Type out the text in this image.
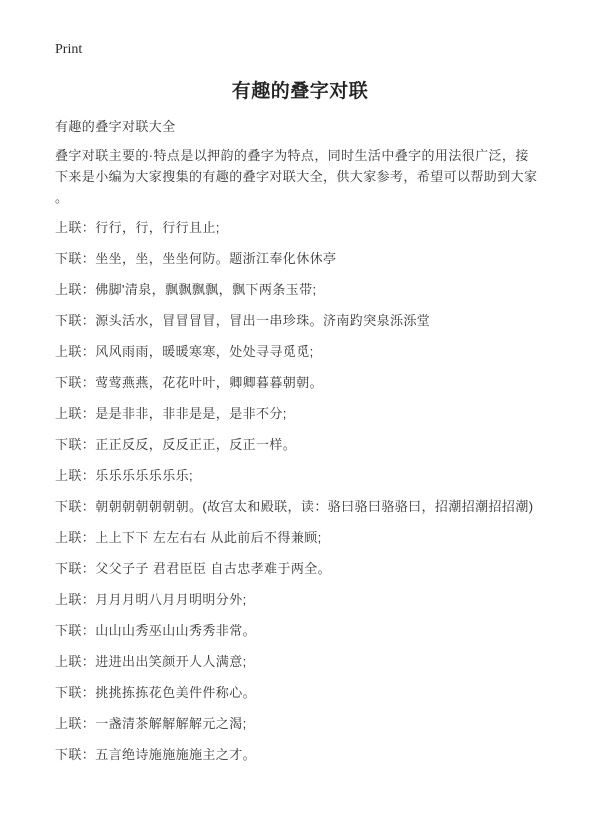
Print
有趣的叠字对联
有趣的叠字对联大全
叠字对联主要的·特点是以押韵的叠字为特点，同时生活中叠字的用法很广泛，接
下来是小编为大家搜集的有趣的叠字对联大全，供大家参考，希望可以帮助到大家
。
上联：行行，行，行行且止;
下联：坐坐，坐，坐坐何防。题浙江奉化休休亭
上联：佛脚'清泉，飘飘飘飘，飘下两条玉带;
下联：源头活水，冒冒冒冒，冒出一串珍珠。济南趵突泉泺泺堂
上联：风风雨雨，暖暖寒寒，处处寻寻觅觅;
下联：莺莺燕燕，花花叶叶，卿卿暮暮朝朝。
上联：是是非非，非非是是，是非不分;
下联：正正反反，反反正正，反正一样。
上联：乐乐乐乐乐乐乐;
下联：朝朝朝朝朝朝朝。(故宫太和殿联，读：骆曰骆曰骆骆曰，招潮招潮招招潮)
上联：上上下下 左左右右 从此前后不得兼顾;
下联：父父子子 君君臣臣 自古忠孝难于两全。
上联：月月月明八月月明明分外;
下联：山山山秀巫山山秀秀非常。
上联：进进出出笑颜开人人满意;
下联：挑挑拣拣花色美件件称心。
上联：一盏清茶解解解解元之渴;
下联：五言绝诗施施施施主之才。
